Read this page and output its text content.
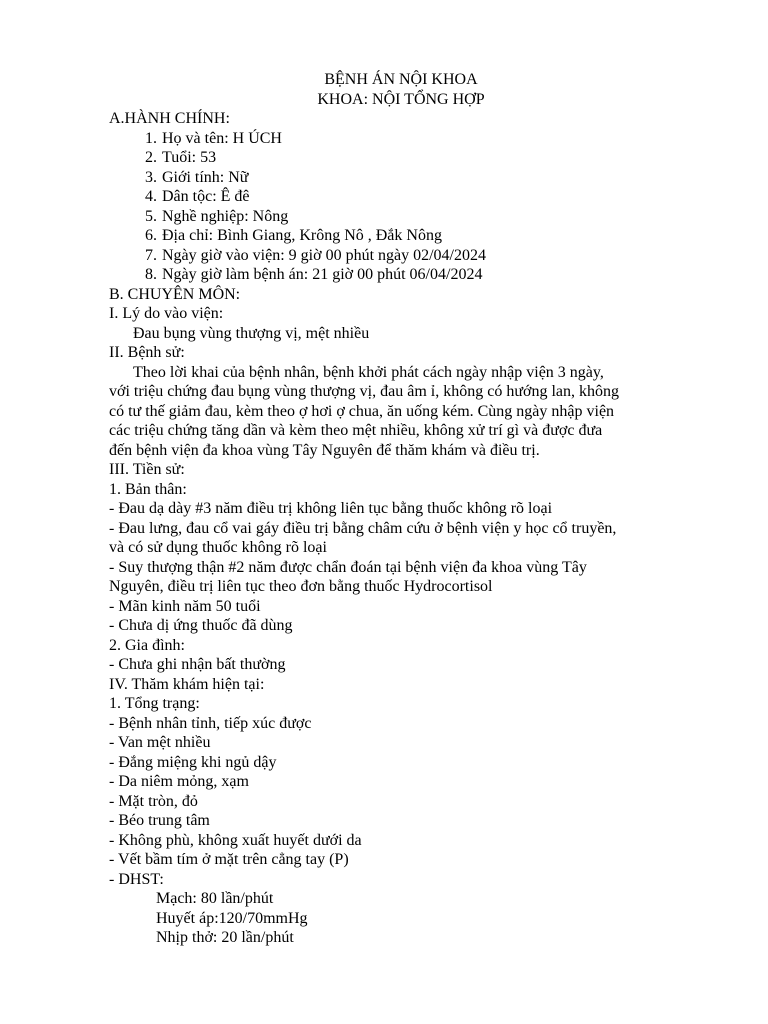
BỆNH ÁN NỘI KHOA
KHOA: NỘI TỔNG HỢP
A.HÀNH CHÍNH:
1. Họ và tên: H ÚCH
2. Tuổi: 53
3. Giới tính: Nữ
4. Dân tộc: Ê đê
5. Nghề nghiệp: Nông
6. Địa chỉ: Bình Giang, Krông Nô , Đắk Nông
7. Ngày giờ vào viện: 9 giờ 00 phút ngày 02/04/2024
8. Ngày giờ làm bệnh án: 21 giờ 00 phút 06/04/2024
B. CHUYÊN MÔN:
I. Lý do vào viện:
Đau bụng vùng thượng vị, mệt nhiều
II. Bệnh sử:
Theo lời khai của bệnh nhân, bệnh khởi phát cách ngày nhập viện 3 ngày,
với triệu chứng đau bụng vùng thượng vị, đau âm ỉ, không có hướng lan, không
có tư thế giảm đau, kèm theo ợ hơi ợ chua, ăn uống kém. Cùng ngày nhập viện
các triệu chứng tăng dần và kèm theo mệt nhiều, không xử trí gì và được đưa
đến bệnh viện đa khoa vùng Tây Nguyên để thăm khám và điều trị.
III. Tiền sử:
1. Bản thân:
- Đau dạ dày #3 năm điều trị không liên tục bằng thuốc không rõ loại
- Đau lưng, đau cổ vai gáy điều trị bằng châm cứu ở bệnh viện y học cổ truyền,
và có sử dụng thuốc không rõ loại
- Suy thượng thận #2 năm được chẩn đoán tại bệnh viện đa khoa vùng Tây
Nguyên, điều trị liên tục theo đơn bằng thuốc Hydrocortisol
- Mãn kinh năm 50 tuổi
- Chưa dị ứng thuốc đã dùng
2. Gia đình:
- Chưa ghi nhận bất thường
IV. Thăm khám hiện tại:
1. Tổng trạng:
- Bệnh nhân tỉnh, tiếp xúc được
- Van mệt nhiều
- Đắng miệng khi ngủ dậy
- Da niêm mỏng, xạm
- Mặt tròn, đỏ
- Béo trung tâm
- Không phù, không xuất huyết dưới da
- Vết bầm tím ở mặt trên cẳng tay (P)
- DHST:
Mạch: 80 lần/phút
Huyết áp:120/70mmHg
Nhịp thở: 20 lần/phút
